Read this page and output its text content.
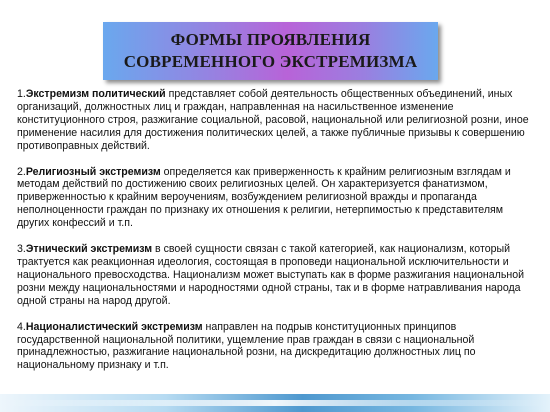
ФОРМЫ ПРОЯВЛЕНИЯ
СОВРЕМЕННОГО ЭКСТРЕМИЗМА

1.Экстремизм политический представляет собой деятельность общественных объединений, иных организаций, должностных лиц и граждан, направленная на насильственное изменение конституционного строя, разжигание социальной, расовой, национальной или религиозной розни, иное применение насилия для достижения политических целей, а также публичные призывы к совершению противоправных действий.

2.Религиозный экстремизм определяется как приверженность к крайним религиозным взглядам и методам действий по достижению своих религиозных целей. Он характеризуется фанатизмом, приверженностью к крайним вероучениям, возбуждением религиозной вражды и пропаганда неполноценности граждан по признаку их отношения к религии, нетерпимостью к представителям других конфессий и т.п.

3.Этнический экстремизм в своей сущности связан с такой категорией, как национализм, который трактуется как реакционная идеология, состоящая в проповеди национальной исключительности и национального превосходства. Национализм может выступать как в форме разжигания национальной розни между национальностями и народностями одной страны, так и в форме натравливания народа одной страны на народ другой.

4.Националистический экстремизм направлен на подрыв конституционных принципов государственной национальной политики, ущемление прав граждан в связи с национальной принадлежностью, разжигание национальной розни, на дискредитацию должностных лиц по национальному признаку и т.п.
